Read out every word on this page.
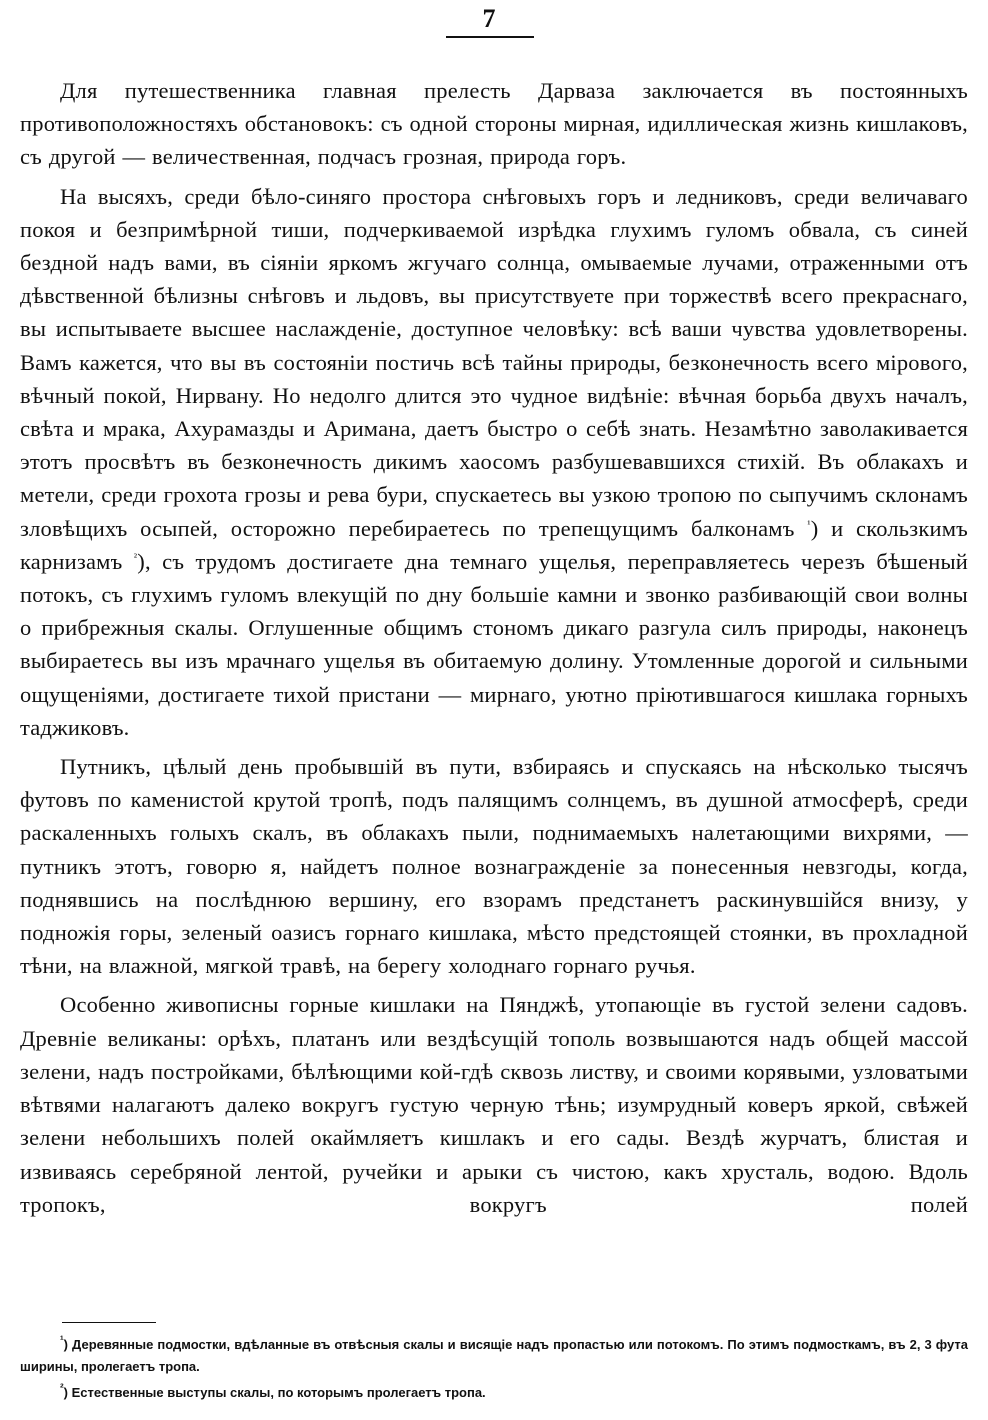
7

Для путешественника главная прелесть Дарваза заключается въ постоянныхъ противоположностяхъ обстановокъ: съ одной стороны мирная, идиллическая жизнь кишлаковъ, съ другой — величественная, подчасъ грозная, природа горъ.

На высяхъ, среди бѣло-синяго простора снѣговыхъ горъ и ледниковъ, среди величаваго покоя и безпримѣрной тиши, подчеркиваемой изрѣдка глухимъ гуломъ обвала, съ синей бездной надъ вами, въ сіяніи яркомъ жгучаго солнца, омываемые лучами, отраженными отъ дѣвственной бѣлизны снѣговъ и льдовъ, вы присутствуете при торжествѣ всего прекраснаго, вы испытываете высшее наслажденіе, доступное человѣку: всѣ ваши чувства удовлетворены. Вамъ кажется, что вы въ состояніи постичь всѣ тайны природы, безконечность всего мірового, вѣчный покой, Нирвану. Но недолго длится это чудное видѣніе: вѣчная борьба двухъ началъ, свѣта и мрака, Ахурамазды и Аримана, даетъ быстро о себѣ знать. Незамѣтно заволакивается этотъ просвѣтъ въ безконечность дикимъ хаосомъ разбушевавшихся стихій. Въ облакахъ и метели, среди грохота грозы и рева бури, спускаетесь вы узкою тропою по сыпучимъ склонамъ зловѣщихъ осыпей, осторожно перебираетесь по трепещущимъ балконамъ $^{^1}$) и скользкимъ карнизамъ $^{^2}$), съ трудомъ достигаете дна темнаго ущелья, переправляетесь черезъ бѣшеный потокъ, съ глухимъ гуломъ влекущій по дну большіе камни и звонко разбивающій свои волны о прибрежныя скалы. Оглушенные общимъ стономъ дикаго разгула силъ природы, наконецъ выбираетесь вы изъ мрачнаго ущелья въ обитаемую долину. Утомленные дорогой и сильными ощущеніями, достигаете тихой пристани — мирнаго, уютно пріютившагося кишлака горныхъ таджиковъ.

Путникъ, цѣлый день пробывшій въ пути, взбираясь и спускаясь на нѣсколько тысячъ футовъ по каменистой крутой тропѣ, подъ палящимъ солнцемъ, въ душной атмосферѣ, среди раскаленныхъ голыхъ скалъ, въ облакахъ пыли, поднимаемыхъ налетающими вихрями, — путникъ этотъ, говорю я, найдетъ полное вознагражденіе за понесенныя невзгоды, когда, поднявшись на послѣднюю вершину, его взорамъ предстанетъ раскинувшійся внизу, у подножія горы, зеленый оазисъ горнаго кишлака, мѣсто предстоящей стоянки, въ прохладной тѣни, на влажной, мягкой травѣ, на берегу холоднаго горнаго ручья.

Особенно живописны горные кишлаки на Пянджѣ, утопающіе въ густой зелени садовъ. Древніе великаны: орѣхъ, платанъ или вездѣсущій тополь возвышаются надъ общей массой зелени, надъ постройками, бѣлѣющими кой-гдѣ сквозь листву, и своими корявыми, узловатыми вѣтвями налагаютъ далеко вокругъ густую черную тѣнь; изумрудный коверъ яркой, свѣжей зелени небольшихъ полей окаймляетъ кишлакъ и его сады. Вездѣ журчатъ, блистая и извиваясь серебряной лентой, ручейки и арыки съ чистою, какъ хрусталь, водою. Вдоль тропокъ, вокругъ полей

$^{^1}$) Деревянные подмостки, вдѣланные въ отвѣсныя скалы и висящіе надъ пропастью или потокомъ. По этимъ подмосткамъ, въ 2, 3 фута ширины, пролегаетъ тропа.

$^{^2}$) Естественные выступы скалы, по которымъ пролегаетъ тропа.
